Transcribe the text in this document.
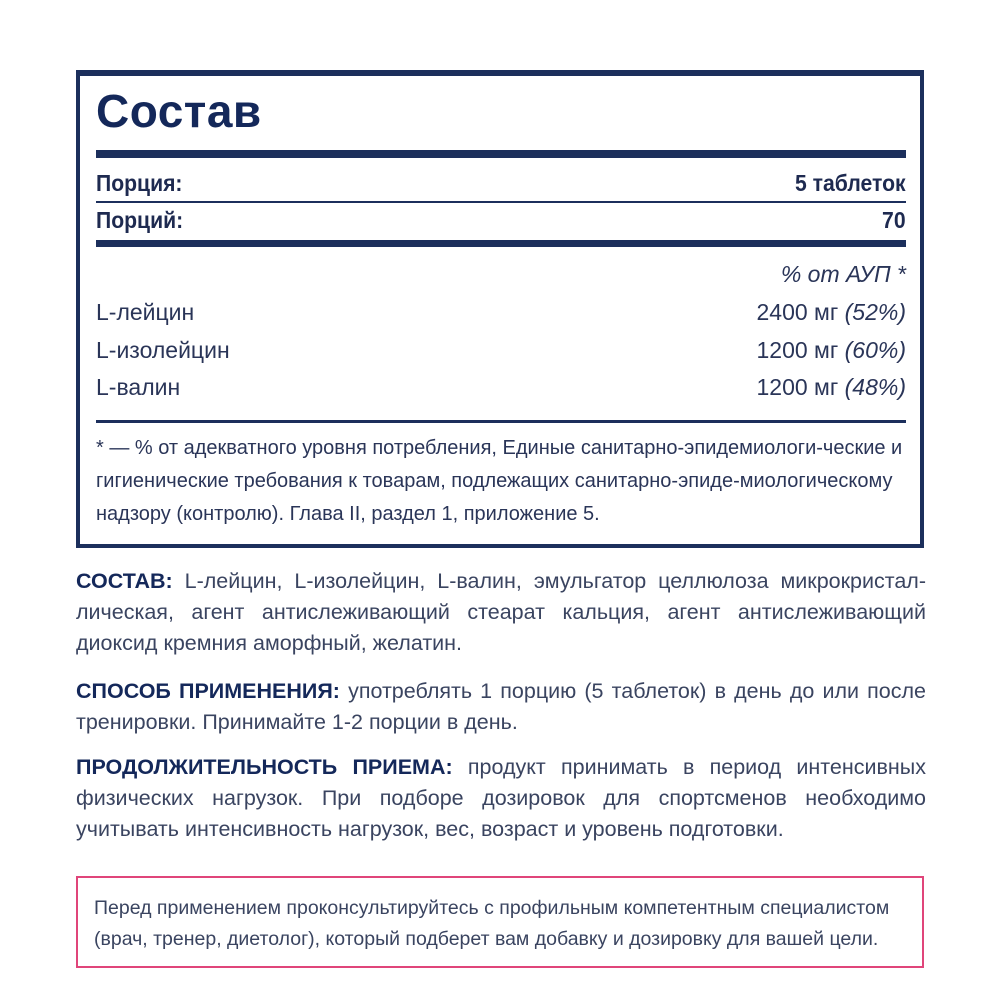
Состав
Порция:	5 таблеток
Порций:	70
% от АУП *
L-лейцин	2400 мг (52%)
L-изолейцин	1200 мг (60%)
L-валин	1200 мг (48%)
* — % от адекватного уровня потребления, Единые санитарно-эпидемиологи-ческие и гигиенические требования к товарам, подлежащих санитарно-эпиде-миологическому надзору (контролю). Глава II, раздел 1, приложение 5.
СОСТАВ: L-лейцин, L-изолейцин, L-валин, эмульгатор целлюлоза микрокристал-лическая, агент антислеживающий стеарат кальция, агент антислеживающий диоксид кремния аморфный, желатин.
СПОСОБ ПРИМЕНЕНИЯ: употреблять 1 порцию (5 таблеток) в день до или после тренировки. Принимайте 1-2 порции в день.
ПРОДОЛЖИТЕЛЬНОСТЬ ПРИЕМА: продукт принимать в период интенсивных физических нагрузок. При подборе дозировок для спортсменов необходимо учитывать интенсивность нагрузок, вес, возраст и уровень подготовки.
Перед применением проконсультируйтесь с профильным компетентным специалистом (врач, тренер, диетолог), который подберет вам добавку и дозировку для вашей цели.
